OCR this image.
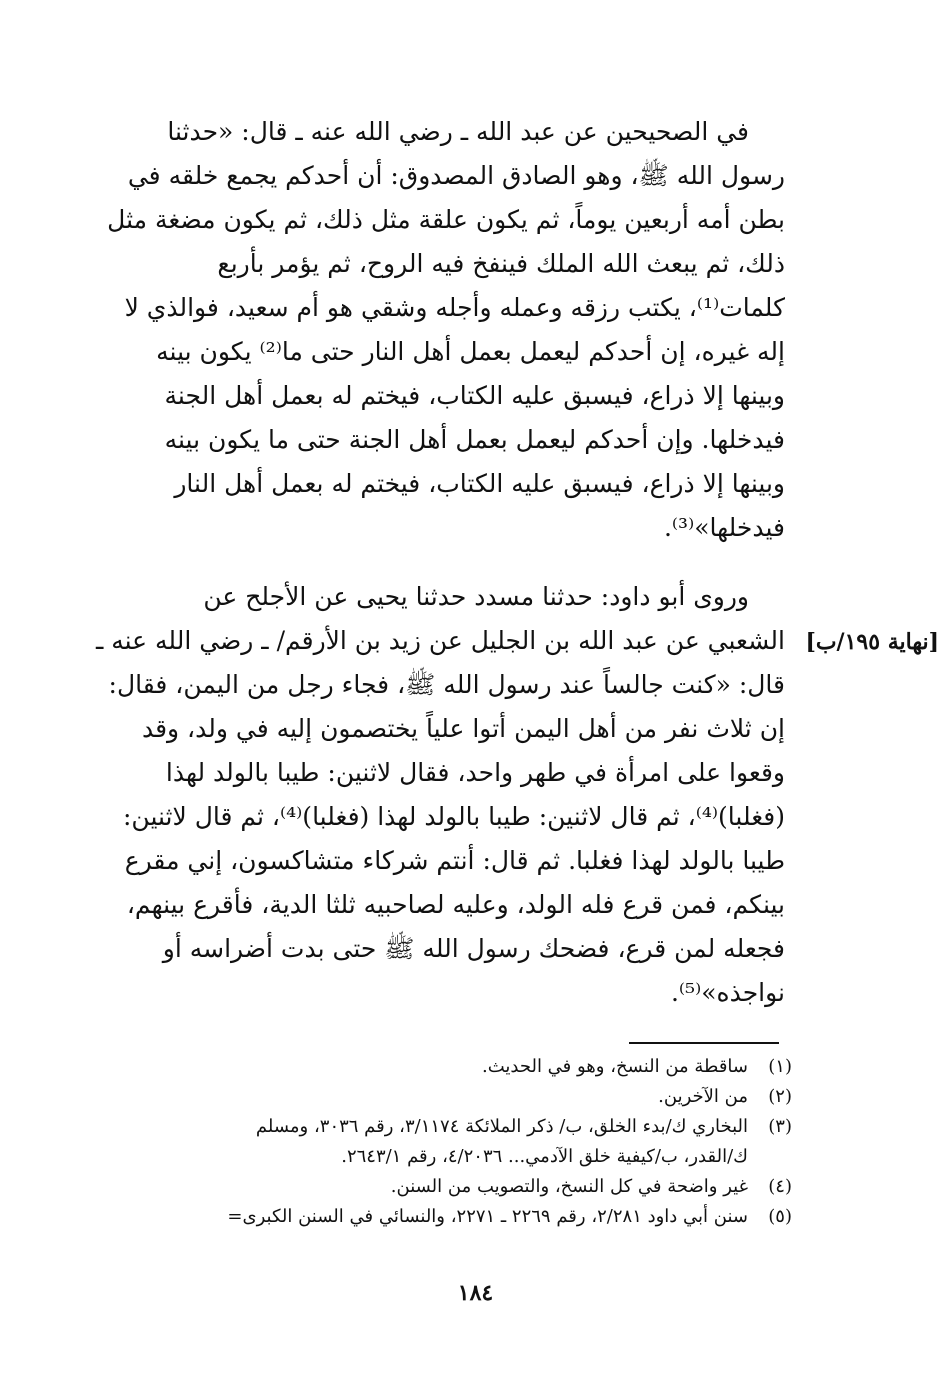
في الصحيحين عن عبد الله ـ رضي الله عنه ـ قال: «حدثنا
رسول الله ﷺ، وهو الصادق المصدوق: أن أحدكم يجمع خلقه في
بطن أمه أربعين يوماً، ثم يكون علقة مثل ذلك، ثم يكون مضغة مثل
ذلك، ثم يبعث الله الملك فينفخ فيه الروح، ثم يؤمر بأربع
كلمات⁽¹⁾، يكتب رزقه وعمله وأجله وشقي هو أم سعيد، فوالذي لا
إله غيره، إن أحدكم ليعمل بعمل أهل النار حتى ما⁽²⁾ يكون بينه
وبينها إلا ذراع، فيسبق عليه الكتاب، فيختم له بعمل أهل الجنة
فيدخلها. وإن أحدكم ليعمل بعمل أهل الجنة حتى ما يكون بينه
وبينها إلا ذراع، فيسبق عليه الكتاب، فيختم له بعمل أهل النار
فيدخلها»⁽³⁾.
وروى أبو داود: حدثنا مسدد حدثنا يحيى عن الأجلح عن
الشعبي عن عبد الله بن الجليل عن زيد بن الأرقم/ ـ رضي الله عنه ـ
قال: «كنت جالساً عند رسول الله ﷺ، فجاء رجل من اليمن، فقال:
إن ثلاث نفر من أهل اليمن أتوا علياً يختصمون إليه في ولد، وقد
وقعوا على امرأة في طهر واحد، فقال لاثنين: طيبا بالولد لهذا
(فغلبا)⁽⁴⁾، ثم قال لاثنين: طيبا بالولد لهذا (فغلبا)⁽⁴⁾، ثم قال لاثنين:
طيبا بالولد لهذا فغلبا. ثم قال: أنتم شركاء متشاكسون، إني مقرع
بينكم، فمن قرع فله الولد، وعليه لصاحبيه ثلثا الدية، فأقرع بينهم،
فجعله لمن قرع، فضحك رسول الله ﷺ حتى بدت أضراسه أو
نواجذه»⁽⁵⁾.
[نهاية ١٩٥/ب]
(١)
ساقطة من النسخ، وهو في الحديث.
(٢)
من الآخرين.
(٣)
البخاري ك/بدء الخلق، ب/ ذكر الملائكة ٣/١١٧٤، رقم ٣٠٣٦، ومسلم
ك/القدر، ب/كيفية خلق الآدمي... ٤/٢٠٣٦، رقم ٢٦٤٣/١.
(٤)
غير واضحة في كل النسخ، والتصويب من السنن.
(٥)
سنن أبي داود ٢/٢٨١، رقم ٢٢٦٩ ـ ٢٢٧١، والنسائي في السنن الكبرى=
١٨٤
